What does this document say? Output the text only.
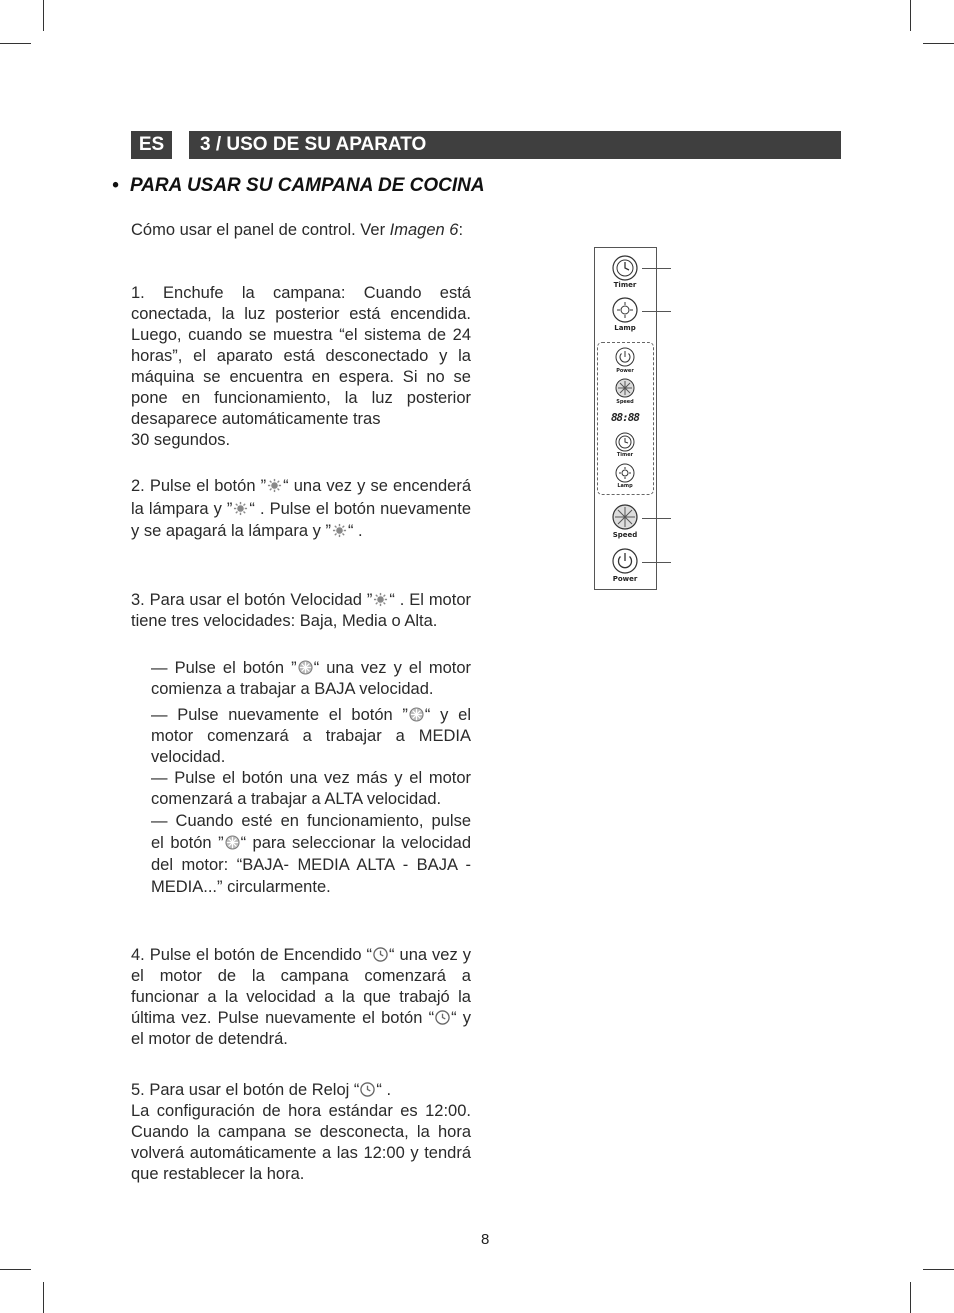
ES	3 / USO DE SU APARATO
• PARA USAR SU CAMPANA DE COCINA
Cómo usar el panel de control. Ver Imagen 6:
1. Enchufe la campana: Cuando está conectada, la luz posterior está encendida. Luego, cuando se muestra “el sistema de 24 horas”, el aparato está desconectado y la máquina se encuentra en espera. Si no se pone en funcionamiento, la luz posterior desaparece automáticamente tras
30 segundos.
2. Pulse el botón ” “ una vez y se encenderá la lámpara y ” “ . Pulse el botón nuevamente y se apagará la lámpara y ” “ .
3. Para usar el botón Velocidad ” “ . El motor tiene tres velocidades: Baja, Media o Alta.
— Pulse el botón ” “ una vez y el motor comienza a trabajar a BAJA velocidad.
— Pulse nuevamente el botón ” “ y el motor comenzará a trabajar a MEDIA velocidad.
— Pulse el botón una vez más y el motor comenzará a trabajar a ALTA velocidad.
— Cuando esté en funcionamiento, pulse el botón ” “ para seleccionar la velocidad del motor: “BAJA- MEDIA ALTA - BAJA - MEDIA...” circularmente.
4. Pulse el botón de Encendido “ “ una vez y el motor de la campana comenzará a funcionar a la velocidad a la que trabajó la última vez. Pulse nuevamente el botón “ “ y el motor de detendrá.
5. Para usar el botón de Reloj “ “ .
La configuración de hora estándar es 12:00. Cuando la campana se desconecta, la hora volverá automáticamente a las 12:00 y tendrá que restablecer la hora.
8
Timer
Lamp
Power
Speed
88:88
Timer
Lamp
Speed
Power
